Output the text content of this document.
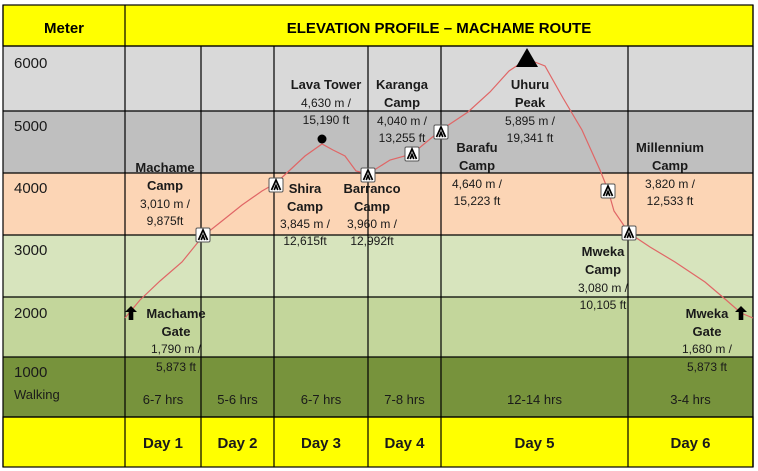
Meter	ELEVATION PROFILE – MACHAME ROUTE
Walking
6000
5000
4000
3000
2000
1000
6-7 hrs	5-6 hrs	6-7 hrs	7-8 hrs	12-14 hrs	3-4 hrs
Day 1 Day 2	Day 3	Day 4	Day 5	Day 6
Machame
Gate
1,790 m /
5,873 ft
Machame
Camp
3,010 m /
9,875ft
Shira
Camp
3,845 m /
12,615ft
Lava Tower
4,630 m /
15,190 ft
Barranco
Camp
3,960 m /
12,992ft
Karanga
Camp
4,040 m /
13,255 ft
Barafu
Camp
4,640 m /
15,223 ft
Uhuru
Peak
5,895 m /
19,341 ft
Millennium
Camp
3,820 m /
12,533 ft
Mweka
Camp
3,080 m /
10,105 ft
Mweka
Gate
1,680 m /
5,873 ft
